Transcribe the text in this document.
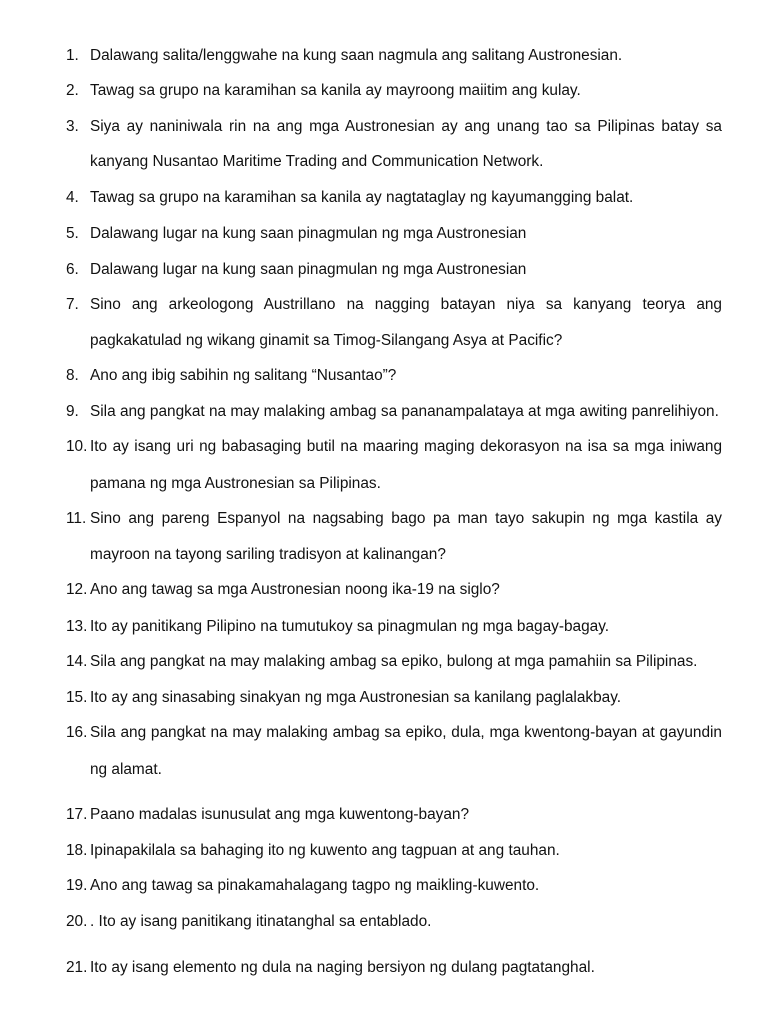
1. Dalawang salita/lenggwahe na kung saan nagmula ang salitang Austronesian.
2. Tawag sa grupo na karamihan sa kanila ay mayroong maiitim ang kulay.
3. Siya ay naniniwala rin na ang mga Austronesian ay ang unang tao sa Pilipinas batay sa
kanyang Nusantao Maritime Trading and Communication Network.
4. Tawag sa grupo na karamihan sa kanila ay nagtataglay ng kayumangging balat.
5. Dalawang lugar na kung saan pinagmulan ng mga Austronesian
6. Dalawang lugar na kung saan pinagmulan ng mga Austronesian
7. Sino ang arkeologong Austrillano na nagging batayan niya sa kanyang teorya ang
pagkakatulad ng wikang ginamit sa Timog-Silangang Asya at Pacific?
8. Ano ang ibig sabihin ng salitang “Nusantao”?
9. Sila ang pangkat na may malaking ambag sa pananampalataya at mga awiting panrelihiyon.
10. Ito ay isang uri ng babasaging butil na maaring maging dekorasyon na isa sa mga iniwang
pamana ng mga Austronesian sa Pilipinas.
11. Sino ang pareng Espanyol na nagsabing bago pa man tayo sakupin ng mga kastila ay
mayroon na tayong sariling tradisyon at kalinangan?
12. Ano ang tawag sa mga Austronesian noong ika-19 na siglo?
13. Ito ay panitikang Pilipino na tumutukoy sa pinagmulan ng mga bagay-bagay.
14. Sila ang pangkat na may malaking ambag sa epiko, bulong at mga pamahiin sa Pilipinas.
15. Ito ay ang sinasabing sinakyan ng mga Austronesian sa kanilang paglalakbay.
16. Sila ang pangkat na may malaking ambag sa epiko, dula, mga kwentong-bayan at gayundin
ng alamat.
17. Paano madalas isunusulat ang mga kuwentong-bayan?
18. Ipinapakilala sa bahaging ito ng kuwento ang tagpuan at ang tauhan.
19. Ano ang tawag sa pinakamahalagang tagpo ng maikling-kuwento.
20. . Ito ay isang panitikang itinatanghal sa entablado.
21. Ito ay isang elemento ng dula na naging bersiyon ng dulang pagtatanghal.
